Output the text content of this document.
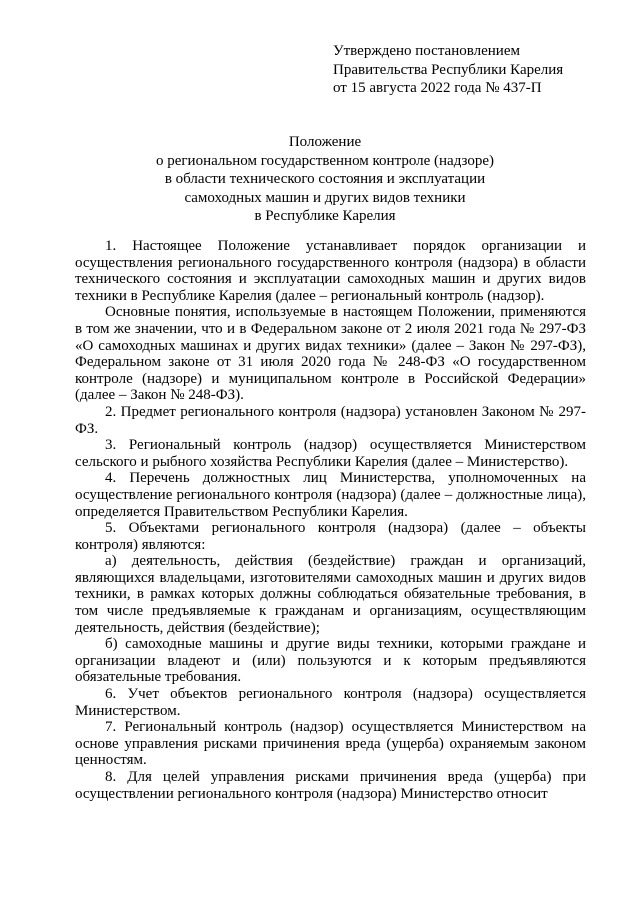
Утверждено постановлением
Правительства Республики Карелия
от 15 августа 2022 года № 437-П
Положение
о региональном государственном контроле (надзоре)
в области технического состояния и эксплуатации
самоходных машин и других видов техники
в Республике Карелия

1. Настоящее Положение устанавливает порядок организации и осуществления регионального государственного контроля (надзора) в области технического состояния и эксплуатации самоходных машин и других видов техники в Республике Карелия (далее – региональный контроль (надзор).

Основные понятия, используемые в настоящем Положении, применяются в том же значении, что и в Федеральном законе от 2 июля 2021 года № 297-ФЗ «О самоходных машинах и других видах техники» (далее – Закон № 297-ФЗ), Федеральном законе от 31 июля 2020 года № 248-ФЗ «О государственном контроле (надзоре) и муниципальном контроле в Российской Федерации» (далее – Закон № 248-ФЗ).

2. Предмет регионального контроля (надзора) установлен Законом № 297-ФЗ.

3. Региональный контроль (надзор) осуществляется Министерством сельского и рыбного хозяйства Республики Карелия (далее – Министерство).

4. Перечень должностных лиц Министерства, уполномоченных на осуществление регионального контроля (надзора) (далее – должностные лица), определяется Правительством Республики Карелия.

5. Объектами регионального контроля (надзора) (далее – объекты контроля) являются:

а) деятельность, действия (бездействие) граждан и организаций, являющихся владельцами, изготовителями самоходных машин и других видов техники, в рамках которых должны соблюдаться обязательные требования, в том числе предъявляемые к гражданам и организациям, осуществляющим деятельность, действия (бездействие);

б) самоходные машины и другие виды техники, которыми граждане и организации владеют и (или) пользуются и к которым предъявляются обязательные требования.

6. Учет объектов регионального контроля (надзора) осуществляется Министерством.

7. Региональный контроль (надзор) осуществляется Министерством на основе управления рисками причинения вреда (ущерба) охраняемым законом ценностям.

8. Для целей управления рисками причинения вреда (ущерба) при осуществлении регионального контроля (надзора) Министерство относит
